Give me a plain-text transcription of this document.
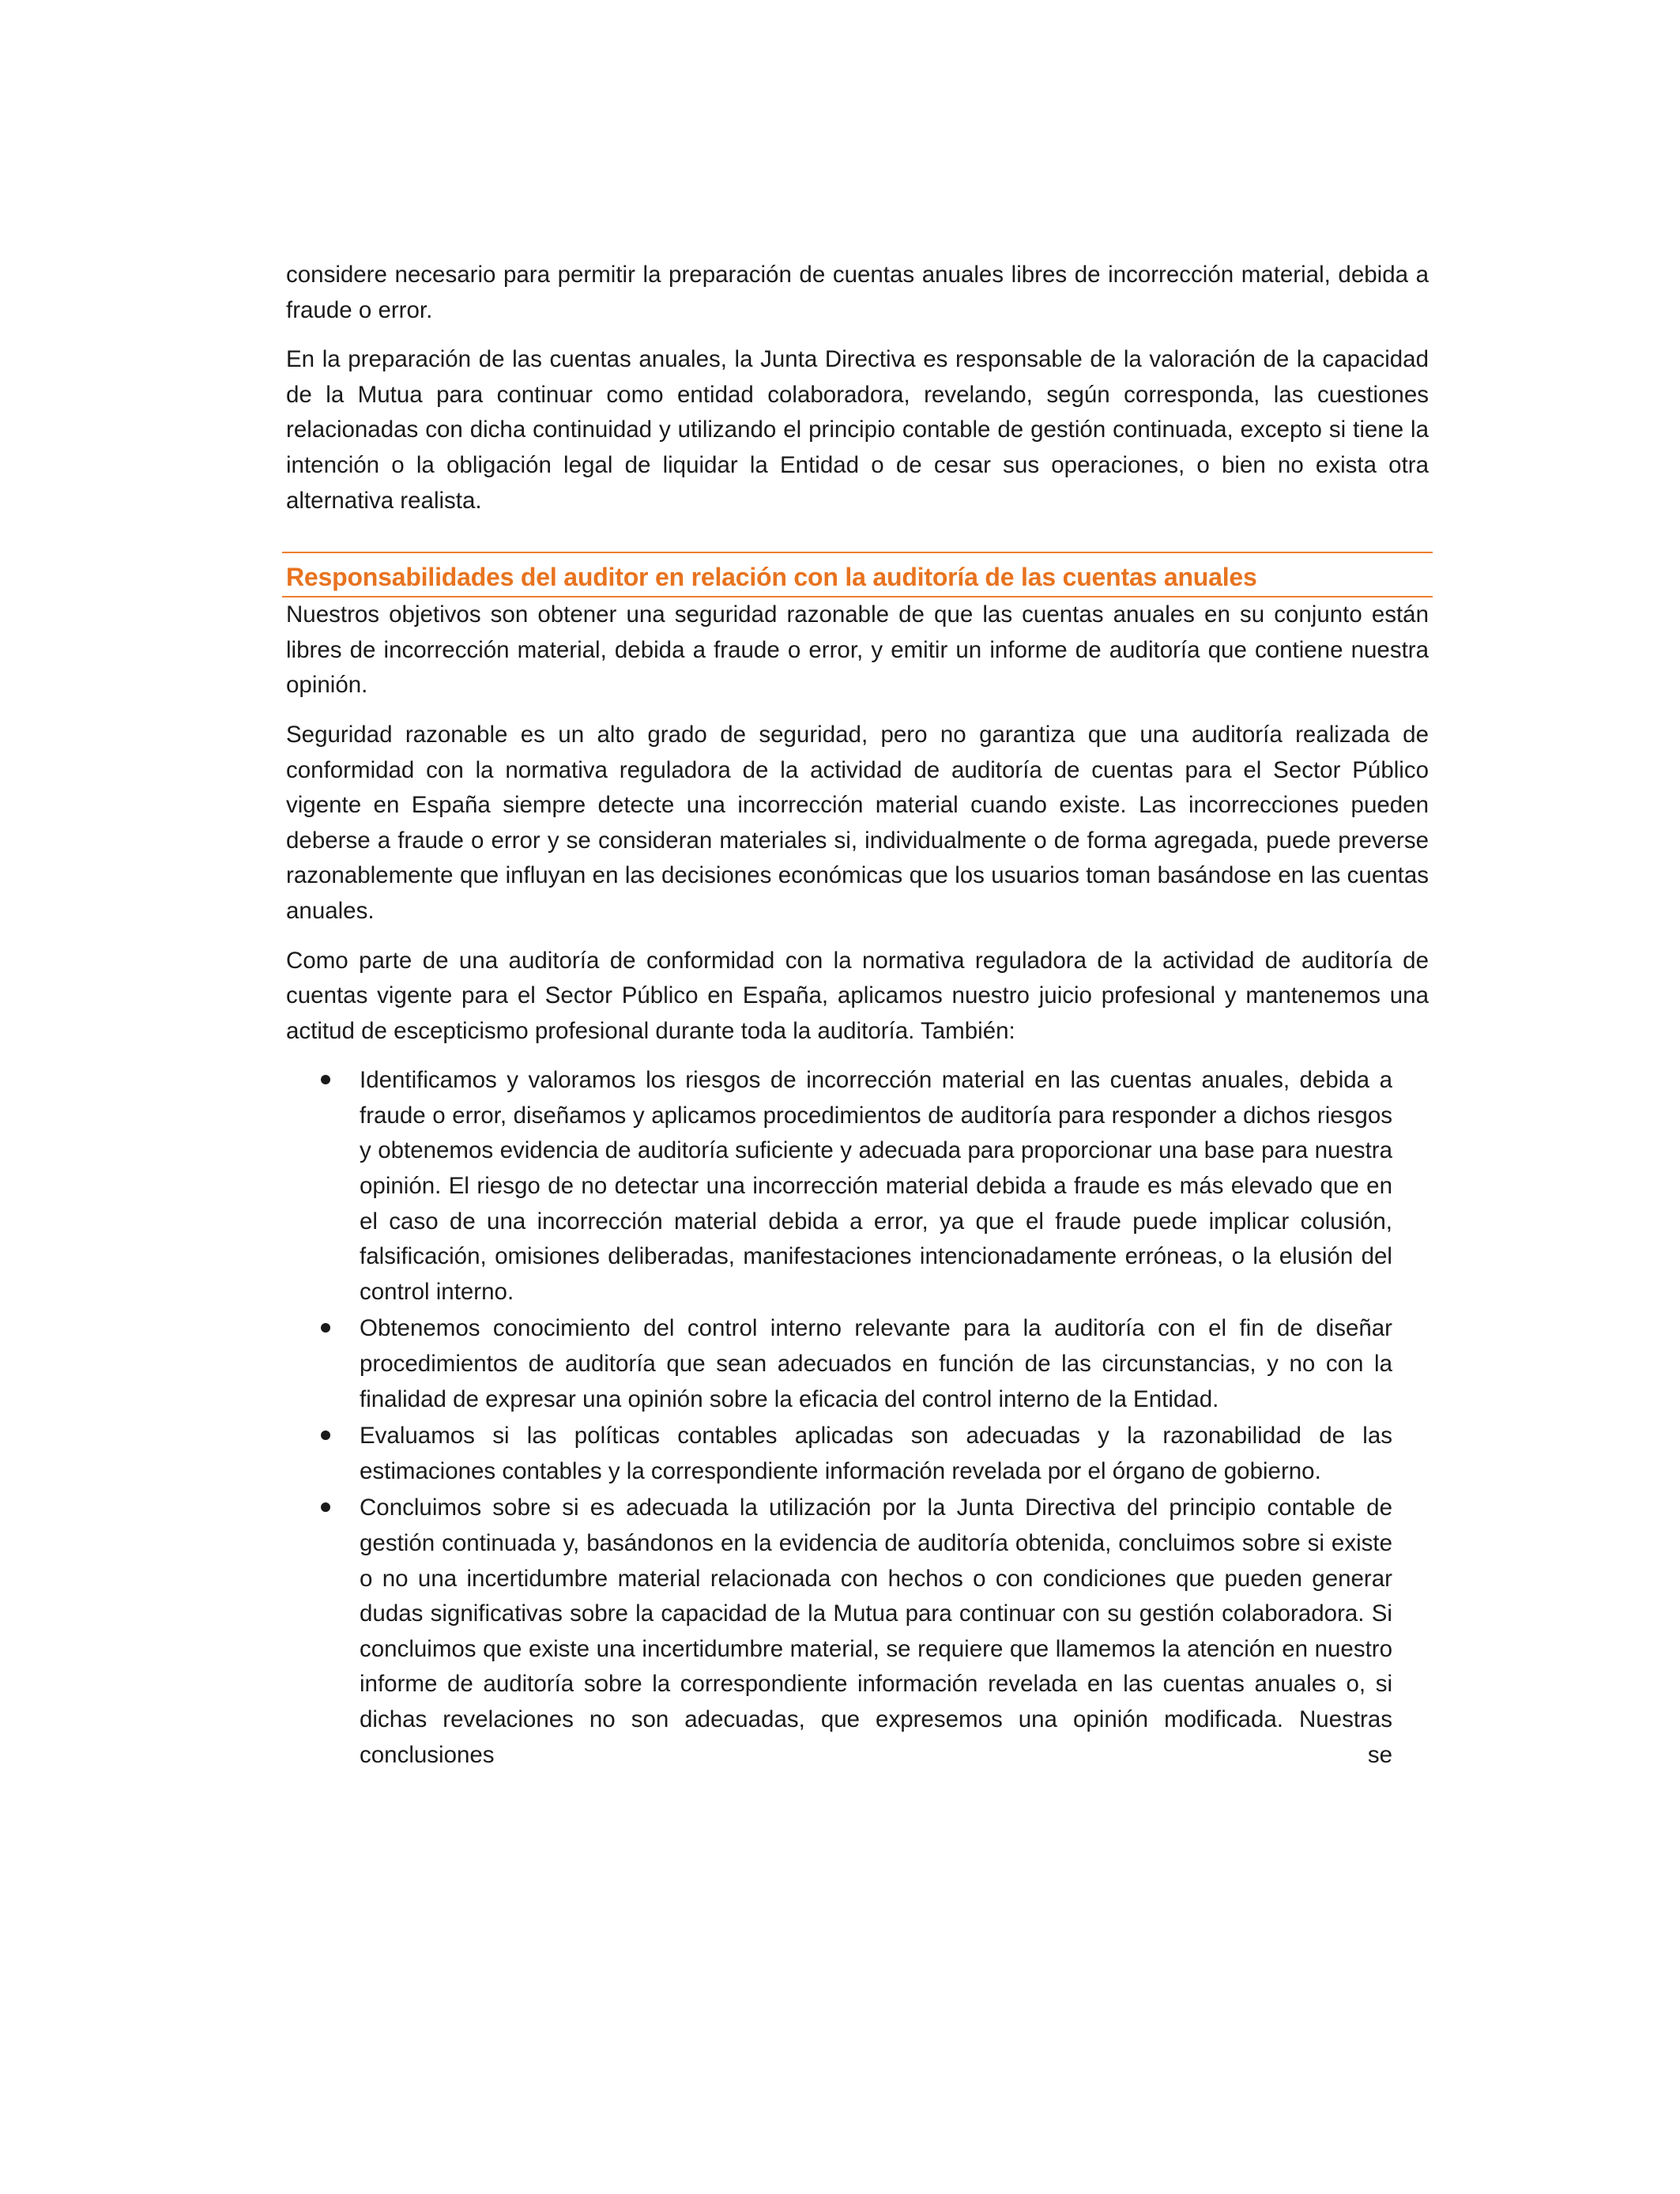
considere necesario para permitir la preparación de cuentas anuales libres de incorrección material, debida a fraude o error.

En la preparación de las cuentas anuales, la Junta Directiva es responsable de la valoración de la capacidad de la Mutua para continuar como entidad colaboradora, revelando, según corresponda, las cuestiones relacionadas con dicha continuidad y utilizando el principio contable de gestión continuada, excepto si tiene la intención o la obligación legal de liquidar la Entidad o de cesar sus operaciones, o bien no exista otra alternativa realista.

Responsabilidades del auditor en relación con la auditoría de las cuentas anuales

Nuestros objetivos son obtener una seguridad razonable de que las cuentas anuales en su conjunto están libres de incorrección material, debida a fraude o error, y emitir un informe de auditoría que contiene nuestra opinión.

Seguridad razonable es un alto grado de seguridad, pero no garantiza que una auditoría realizada de conformidad con la normativa reguladora de la actividad de auditoría de cuentas para el Sector Público vigente en España siempre detecte una incorrección material cuando existe. Las incorrecciones pueden deberse a fraude o error y se consideran materiales si, individualmente o de forma agregada, puede preverse razonablemente que influyan en las decisiones económicas que los usuarios toman basándose en las cuentas anuales.

Como parte de una auditoría de conformidad con la normativa reguladora de la actividad de auditoría de cuentas vigente para el Sector Público en España, aplicamos nuestro juicio profesional y mantenemos una actitud de escepticismo profesional durante toda la auditoría. También:

Identificamos y valoramos los riesgos de incorrección material en las cuentas anuales, debida a fraude o error, diseñamos y aplicamos procedimientos de auditoría para responder a dichos riesgos y obtenemos evidencia de auditoría suficiente y adecuada para proporcionar una base para nuestra opinión. El riesgo de no detectar una incorrección material debida a fraude es más elevado que en el caso de una incorrección material debida a error, ya que el fraude puede implicar colusión, falsificación, omisiones deliberadas, manifestaciones intencionadamente erróneas, o la elusión del control interno.
Obtenemos conocimiento del control interno relevante para la auditoría con el fin de diseñar procedimientos de auditoría que sean adecuados en función de las circunstancias, y no con la finalidad de expresar una opinión sobre la eficacia del control interno de la Entidad.
Evaluamos si las políticas contables aplicadas son adecuadas y la razonabilidad de las estimaciones contables y la correspondiente información revelada por el órgano de gobierno.
Concluimos sobre si es adecuada la utilización por la Junta Directiva del principio contable de gestión continuada y, basándonos en la evidencia de auditoría obtenida, concluimos sobre si existe o no una incertidumbre material relacionada con hechos o con condiciones que pueden generar dudas significativas sobre la capacidad de la Mutua para continuar con su gestión colaboradora. Si concluimos que existe una incertidumbre material, se requiere que llamemos la atención en nuestro informe de auditoría sobre la correspondiente información revelada en las cuentas anuales o, si dichas revelaciones no son adecuadas, que expresemos una opinión modificada. Nuestras conclusiones se
